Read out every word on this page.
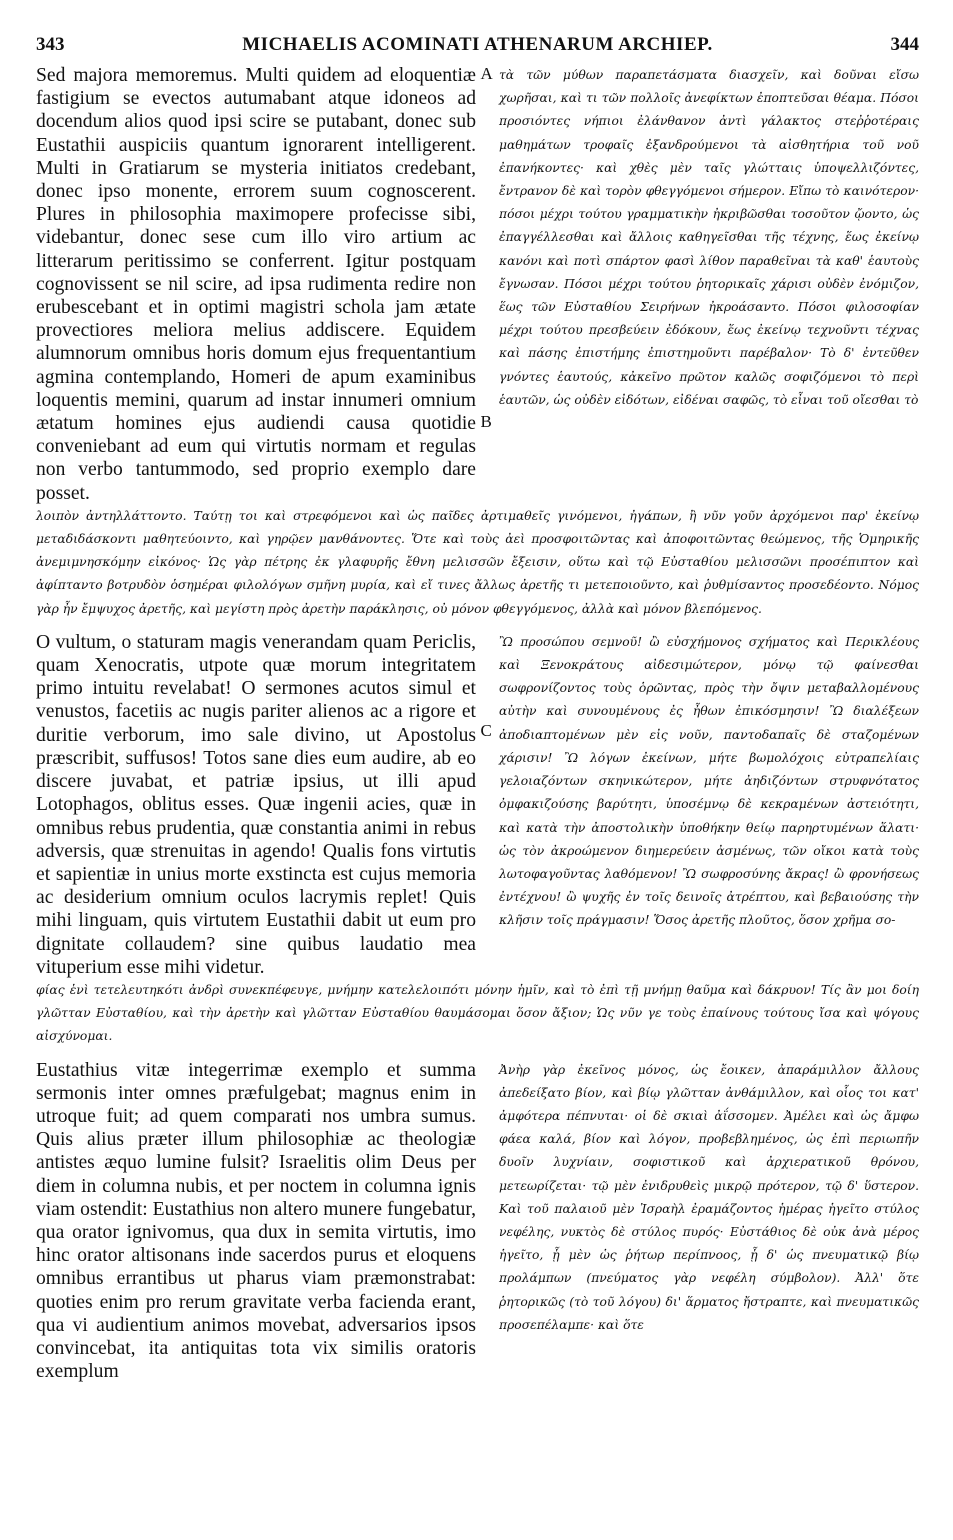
343	MICHAELIS ACOMINATI ATHENARUM ARCHIEP.	344

Sed majora memoremus. Multi quidem ad eloquentiæ fastigium se evectos autumabant atque idoneos ad docendum alios quod ipsi scire se putabant, donec sub Eustathii auspiciis quantum ignorarent intelligerent. Multi in Gratiarum se mysteria initiatos credebant, donec ipso monente, errorem suum cognoscerent. Plures in philosophia maximopere profecisse sibi, videbantur, donec sese cum illo viro artium ac litterarum peritissimo se conferrent. Igitur postquam cognovissent se nil scire, ad ipsa rudimenta redire non erubescebant et in optimi magistri schola jam ætate provectiores meliora melius addiscere. Equidem alumnorum omnibus horis domum ejus frequentantium agmina contemplando, Homeri de apum examinibus loquentis memini, quarum ad instar innumeri omnium ætatum homines ejus audiendi causa quotidie conveniebant ad eum qui virtutis normam et regulas non verbo tantummodo, sed proprio exemplo dare posset.

A
B

τὰ τῶν μύθων παραπετάσματα διασχεῖν, καὶ δοῦναι εἴσω χωρῆσαι, καὶ τι τῶν πολλοῖς ἀνεφίκτων ἐποπτεῦσαι θέαμα. Πόσοι προσιόντες νήπιοι ἐλάνθανον ἀντὶ γάλακτος στεῤῥοτέραις μαθημάτων τροφαῖς ἐξανδρούμενοι τὰ αἰσθητήρια τοῦ νοῦ ἐπανήκοντες· καὶ χθὲς μὲν ταῖς γλώτταις ὑποψελλιζόντες, ἔντρανον δὲ καὶ τορὸν φθεγγόμενοι σήμερον. Εἴπω τὸ καινότερον· πόσοι μέχρι τούτου γραμματικὴν ἠκριβῶσθαι τοσοῦτον ᾤοντο, ὡς ἐπαγγέλλεσθαι καὶ ἄλλοις καθηγεῖσθαι τῆς τέχνης, ἕως ἐκείνῳ κανόνι καὶ ποτὶ σπάρτον φασὶ λίθον παραθεῖναι τὰ καθ' ἑαυτοὺς ἔγνωσαν. Πόσοι μέχρι τούτου ῥητορικαῖς χάρισι οὐδὲν ἐνόμιζον, ἕως τῶν Εὐσταθίου Σειρήνων ἠκροάσαντο. Πόσοι φιλοσοφίαν μέχρι τούτου πρεσβεύειν ἐδόκουν, ἕως ἐκείνῳ τεχνοῦντι τέχνας καὶ πάσης ἐπιστήμης ἐπιστημοῦντι παρέβαλον· Τὸ δ' ἐντεῦθεν γνόντες ἑαυτούς, κἀκεῖνο πρῶτον καλῶς σοφιζόμενοι τὸ περὶ ἑαυτῶν, ὡς οὐδὲν εἰδότων, εἰδέναι σαφῶς, τὸ εἶναι τοῦ οἴεσθαι τὸ

λοιπὸν ἀντηλλάττοντο. Ταύτῃ τοι καὶ στρεφόμενοι καὶ ὡς παῖδες ἀρτιμαθεῖς γινόμενοι, ἠγάπων, ἢ νῦν γοῦν ἀρχόμενοι παρ' ἐκείνῳ μεταδιδάσκοντι μαθητεύοιντο, καὶ γηρῷεν μανθάνοντες. Ὅτε καὶ τοὺς ἀεὶ προσφοιτῶντας καὶ ἀποφοιτῶντας θεώμενος, τῆς Ὁμηρικῆς ἀνεμιμνησκόμην εἰκόνος· Ὡς γὰρ πέτρης ἐκ γλαφυρῆς ἔθνη μελισσῶν ἔξεισιν, οὕτω καὶ τῷ Εὐσταθίου μελισσῶνι προσέπιπτον καὶ ἀφίπταντο βοτρυδὸν ὁσημέραι φιλολόγων σμῆνη μυρία, καὶ εἴ τινες ἄλλως ἀρετῆς τι μετεποιοῦντο, καὶ ῥυθμίσαντος προσεδέοντο. Νόμος γὰρ ἦν ἔμψυχος ἀρετῆς, καὶ μεγίστη πρὸς ἀρετὴν παράκλησις, οὐ μόνον φθεγγόμενος, ἀλλὰ καὶ μόνον βλεπόμενος.

O vultum, o staturam magis venerandam quam Periclis, quam Xenocratis, utpote quæ morum integritatem primo intuitu revelabat! O sermones acutos simul et venustos, facetiis ac nugis pariter alienos ac a rigore et duritie verborum, imo sale divino, ut Apostolus præscribit, suffusos! Totos sane dies eum audire, ab eo discere juvabat, et patriæ ipsius, ut illi apud Lotophagos, oblitus esses. Quæ ingenii acies, quæ in omnibus rebus prudentia, quæ constantia animi in rebus adversis, quæ strenuitas in agendo! Qualis fons virtutis et sapientiæ in unius morte exstincta est cujus memoria ac desiderium omnium oculos lacrymis replet! Quis mihi linguam, quis virtutem Eustathii dabit ut eum pro dignitate collaudem? sine quibus laudatio mea vituperium esse mihi videtur.

C

Ὢ προσώπου σεμνοῦ! ὢ εὐσχήμονος σχήματος καὶ Περικλέους καὶ Ξενοκράτους αἰδεσιμώτερον, μόνῳ τῷ φαίνεσθαι σωφρονίζοντος τοὺς ὁρῶντας, πρὸς τὴν ὄψιν μεταβαλλομένους αὐτὴν καὶ συνουμένους ἐς ἦθων ἐπικόσμησιν! Ὢ διαλέξεων ἀποδιαπτομένων μὲν εἰς νοῦν, παντοδαπαῖς δὲ σταζομένων χάρισιν! Ὢ λόγων ἐκείνων, μήτε βωμολόχοις εὐτραπελίαις γελοιαζόντων σκηνικώτερον, μήτε ἀηδιζόντων στρυφνότατος ὀμφακιζούσης βαρύτητι, ὑποσέμνῳ δὲ κεκραμένων ἀστειότητι, καὶ κατὰ τὴν ἀποστολικὴν ὑποθήκην θείῳ παρηρτυμένων ἅλατι· ὡς τὸν ἀκροώμενον διημερεύειν ἀσμένως, τῶν οἴκοι κατὰ τοὺς λωτοφαγοῦντας λαθόμενον! Ὢ σωφροσύνης ἄκρας! ὢ φρονήσεως ἐντέχνου! ὢ ψυχῆς ἐν τοῖς δεινοῖς ἀτρέπτου, καὶ βεβαιούσης τὴν κλῆσιν τοῖς πράγμασιν! Ὅσος ἀρετῆς πλοῦτος, ὅσον χρῆμα σο-

φίας ἑνὶ τετελευτηκότι ἀνδρὶ συνεκπέφευγε, μνήμην κατελελοιπότι μόνην ἡμῖν, καὶ τὸ ἐπὶ τῇ μνήμῃ θαῦμα καὶ δάκρυον! Τίς ἂν μοι δοίη γλῶτταν Εὐσταθίου, καὶ τὴν ἀρετὴν καὶ γλῶτταν Εὐσταθίου θαυμάσομαι ὅσον ἄξιον; Ὡς νῦν γε τοὺς ἐπαίνους τούτους ἴσα καὶ ψόγους αἰσχύνομαι.

Eustathius vitæ integerrimæ exemplo et summa sermonis inter omnes præfulgebat; magnus enim in utroque fuit; ad quem comparati nos umbra sumus. Quis alius præter illum philosophiæ ac theologiæ antistes æquo lumine fulsit? Israelitis olim Deus per diem in columna nubis, et per noctem in columna ignis viam ostendit: Eustathius non altero munere fungebatur, qua orator ignivomus, qua dux in semita virtutis, imo hinc orator altisonans inde sacerdos purus et eloquens omnibus errantibus ut pharus viam præmonstrabat: quoties enim pro rerum gravitate verba facienda erant, qua vi audientium animos movebat, adversarios ipsos convincebat, ita antiquitas tota vix similis oratoris exemplum

Ἀνὴρ γὰρ ἐκεῖνος μόνος, ὡς ἔοικεν, ἀπαράμιλλον ἄλλους ἀπεδείξατο βίον, καὶ βίῳ γλῶτταν ἀνθάμιλλον, καὶ οἷος τοι κατ' ἀμφότερα πέπνυται· οἱ δὲ σκιαὶ ἀΐσσομεν. Ἀμέλει καὶ ὡς ἄμφω φάεα καλά, βίον καὶ λόγον, προβεβλημένος, ὡς ἐπὶ περιωπῆν δυοῖν λυχνίαιν, σοφιστικοῦ καὶ ἀρχιερατικοῦ θρόνου, μετεωρίζεται· τῷ μὲν ἐνιδρυθεὶς μικρῷ πρότερον, τῷ δ' ὕστερον. Καὶ τοῦ παλαιοῦ μὲν Ἰσραὴλ ἐραμάζοντος ἡμέρας ἡγεῖτο στύλος νεφέλης, νυκτὸς δὲ στύλος πυρός· Εὐστάθιος δὲ οὐκ ἀνὰ μέρος ἡγεῖτο, ᾗ μὲν ὡς ῥήτωρ περίπνοος, ᾗ δ' ὡς πνευματικῷ βίῳ προλάμπων (πνεύματος γὰρ νεφέλη σύμβολον). Ἀλλ' ὅτε ῥητορικῶς (τὸ τοῦ λόγου) δι' ἅρματος ἤστραπτε, καὶ πνευματικῶς προσεπέλαμπε· καὶ ὅτε
